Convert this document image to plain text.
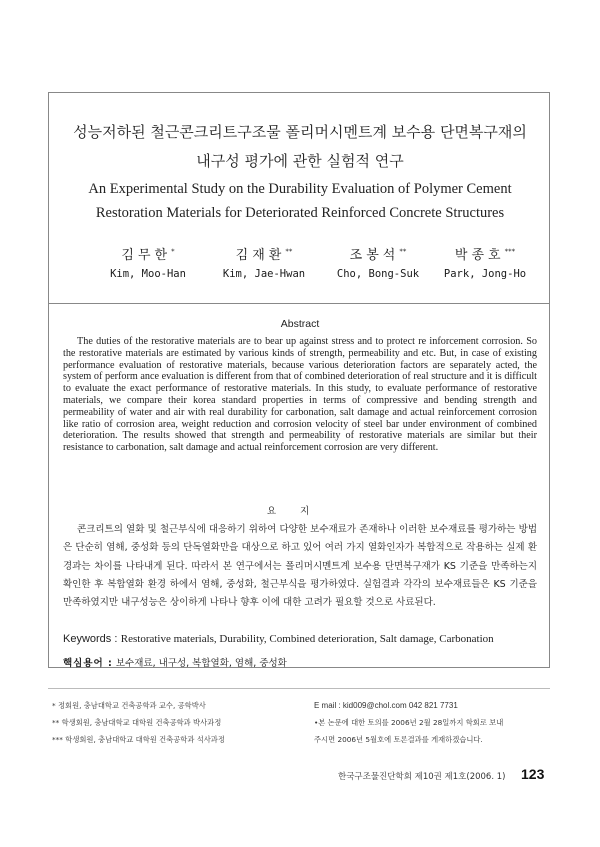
성능저하된 철근콘크리트구조물 폴리머시멘트계 보수용 단면복구재의
내구성 평가에 관한 실험적 연구
An Experimental Study on the Durability Evaluation of Polymer Cement
Restoration Materials for Deteriorated Reinforced Concrete Structures
김무한*	김재환**	조봉석**	박종호***
Kim, Moo-Han	Kim, Jae-Hwan	Cho, Bong-Suk	Park, Jong-Ho
Abstract
The duties of the restorative materials are to bear up against stress and to protect re inforcement corrosion. So the restorative materials are estimated by various kinds of strength, permeability and etc. But, in case of existing performance evaluation of restorative materials, because various deterioration factors are separately acted, the system of perform ance evaluation is different from that of combined deterioration of real structure and it is difficult to evaluate the exact performance of restorative materials. In this study, to evaluate performance of restorative materials, we compare their korea standard properties in terms of compressive and bending strength and permeability of water and air with real durability for carbonation, salt damage and actual reinforcement corrosion like ratio of corrosion area, weight reduction and corrosion velocity of steel bar under environment of combined deterioration. The results showed that strength and permeability of restorative materials are similar but their resistance to carbonation, salt damage and actual reinforcement corrosion are very different.
요지
콘크리트의 열화 및 철근부식에 대응하기 위하여 다양한 보수재료가 존재하나 이러한 보수재료를 평가하는 방법은 단순히 염해, 중성화 등의 단독열화만을 대상으로 하고 있어 여러 가지 열화인자가 복합적으로 작용하는 실제 환경과는 차이를 나타내게 된다. 따라서 본 연구에서는 폴리머시멘트계 보수용 단면복구재가 KS 기준을 만족하는지 확인한 후 복합열화 환경 하에서 염해, 중성화, 철근부식을 평가하였다. 실험결과 각각의 보수재료들은 KS 기준을 만족하였지만 내구성능은 상이하게 나타나 향후 이에 대한 고려가 필요할 것으로 사료된다.
Keywords : Restorative materials, Durability, Combined deterioration, Salt damage, Carbonation
핵심용어 : 보수재료, 내구성, 복합열화, 염해, 중성화
* 정회원, 충남대학교 건축공학과 교수, 공학박사
** 학생회원, 충남대학교 대학원 건축공학과 박사과정
*** 학생회원, 충남대학교 대학원 건축공학과 석사과정
E mail : kid009@chol.com 042 821 7731
•본 논문에 대한 토의를 2006년 2월 28일까지 학회로 보내
주시면 2006년 5월호에 토론결과를 게재하겠습니다.
한국구조물진단학회 제10권 제1호(2006. 1) 123
